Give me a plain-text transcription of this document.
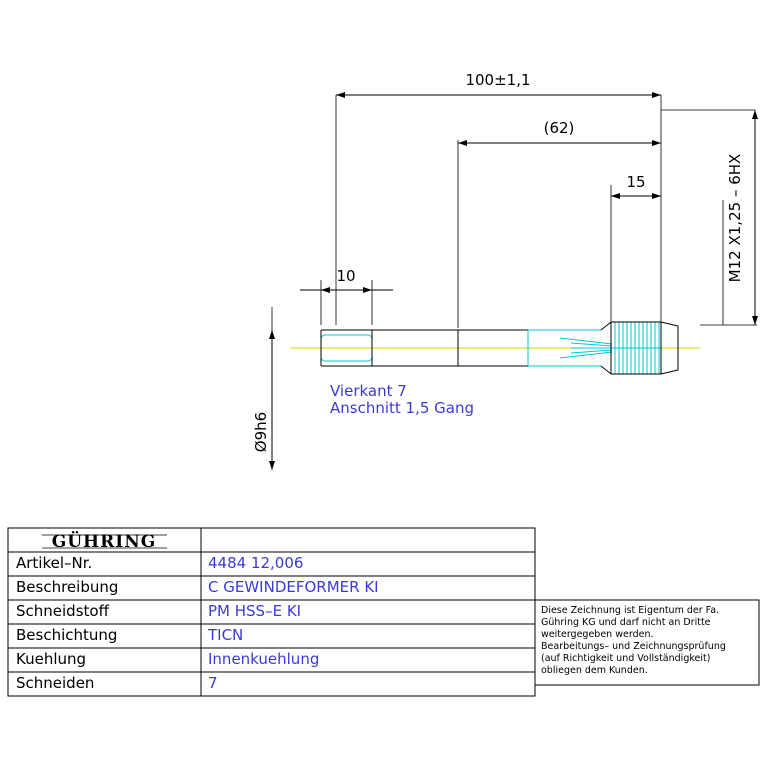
100±1,1
(62)
15
10
Ø9h6
M12 X1,25 – 6HX
Vierkant 7
Anschnitt 1,5 Gang
GÜHRING
Artikel–Nr.	4484 12,006
Beschreibung	C GEWINDEFORMER KI
Schneidstoff	PM HSS–E KI
Beschichtung	TICN
Kuehlung	Innenkuehlung
Schneiden	7
Diese Zeichnung ist Eigentum der Fa.
Gühring KG und darf nicht an Dritte
weitergegeben werden.
Bearbeitungs– und Zeichnungsprüfung
(auf Richtigkeit und Vollständigkeit)
obliegen dem Kunden.
